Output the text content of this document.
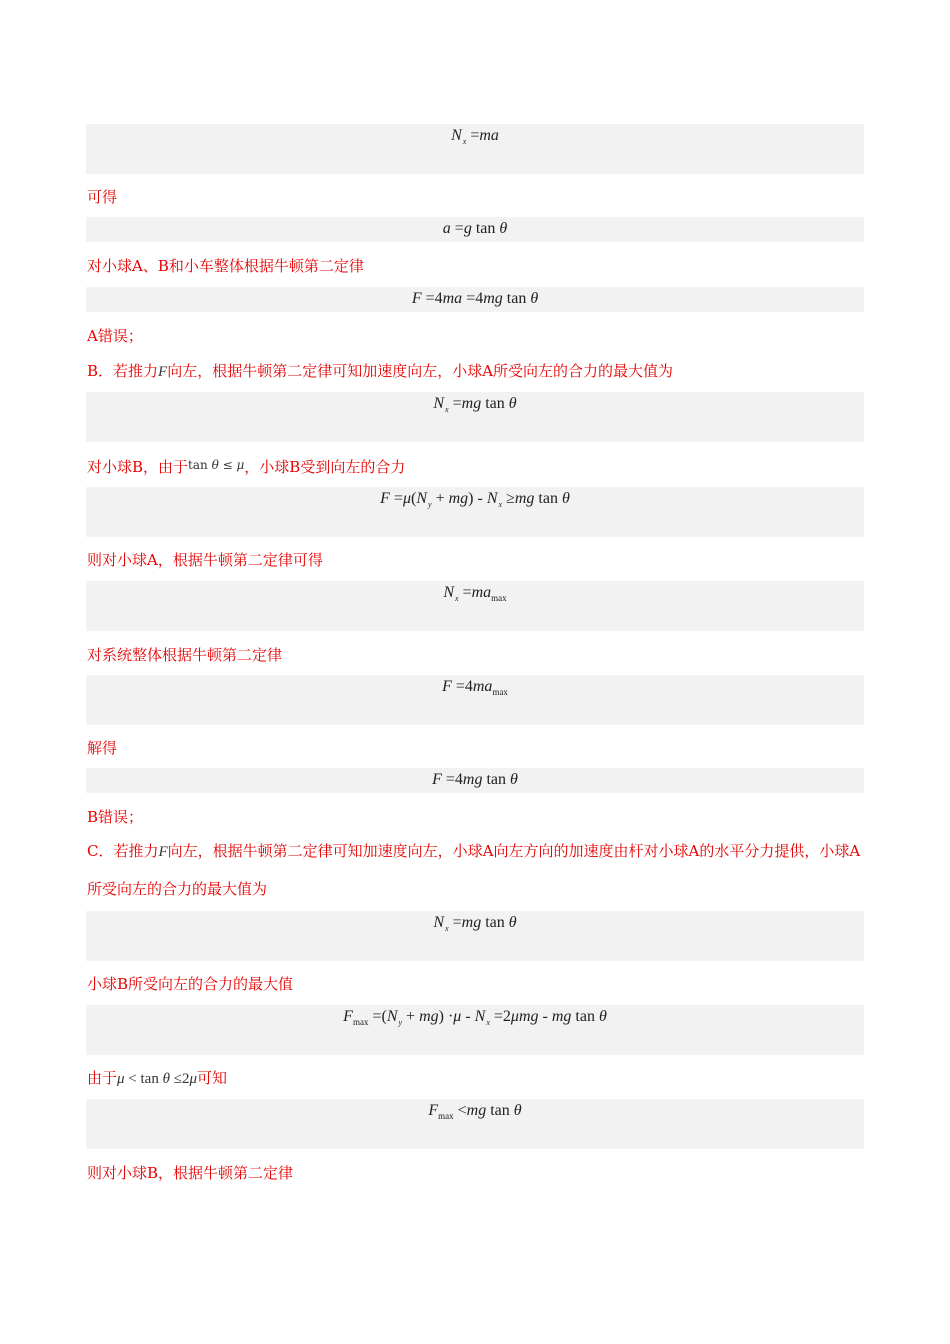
$N_x =ma$
可得
a =g tan θ
对小球A、B和小车整体根据牛顿第二定律
F =4ma =4mg tan θ
A错误；
B．若推力F向左，根据牛顿第二定律可知加速度向左，小球A所受向左的合力的最大值为
$N_x =mg$ tan θ
对小球B，由于$^{tan \theta \le \mu}$，小球B受到向左的合力
$F =\mu(N_y + mg) - N_x \ge mg$ tan θ
则对小球A，根据牛顿第二定律可得
$N_x =ma_{max}$
对系统整体根据牛顿第二定律
$F =4ma_{max}$
解得
F =4mg tan θ
B错误；
C．若推力F向左，根据牛顿第二定律可知加速度向左，小球A向左方向的加速度由杆对小球A的水平分力提供，小球A所受向左的合力的最大值为
$N_x =mg$ tan θ
小球B所受向左的合力的最大值
$F_{max} =(N_y + mg) \cdot\mu - N_x =2\mu mg$ - mg tan θ
由于μ < tan θ ≤2μ可知
$F_{max} <mg$ tan θ
则对小球B，根据牛顿第二定律
